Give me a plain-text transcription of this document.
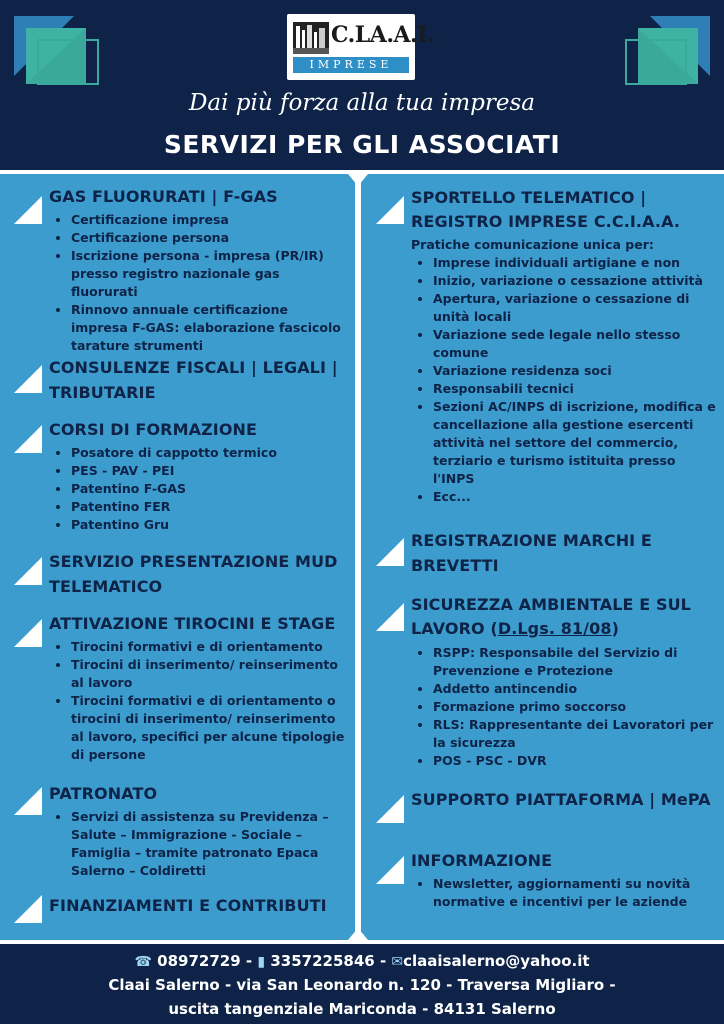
C.LA.A.I.
IMPRESE
Dai più forza alla tua impresa
SERVIZI PER GLI ASSOCIATI
GAS FLUORURATI | F-GAS
• Certificazione impresa
• Certificazione persona
• Iscrizione persona - impresa (PR/IR) presso registro nazionale gas fluorurati
• Rinnovo annuale certificazione impresa F-GAS: elaborazione fascicolo tarature strumenti
CONSULENZE FISCALI | LEGALI | TRIBUTARIE
CORSI DI FORMAZIONE
• Posatore di cappotto termico
• PES - PAV - PEI
• Patentino F-GAS
• Patentino FER
• Patentino Gru
SERVIZIO PRESENTAZIONE MUD TELEMATICO
ATTIVAZIONE TIROCINI E STAGE
• Tirocini formativi e di orientamento
• Tirocini di inserimento/ reinserimento al lavoro
• Tirocini formativi e di orientamento o tirocini di inserimento/ reinserimento al lavoro, specifici per alcune tipologie di persone
PATRONATO
• Servizi di assistenza su Previdenza – Salute – Immigrazione - Sociale – Famiglia – tramite patronato Epaca Salerno – Coldiretti
FINANZIAMENTI E CONTRIBUTI
SPORTELLO TELEMATICO | REGISTRO IMPRESE C.C.I.A.A.
Pratiche comunicazione unica per:
• Imprese individuali artigiane e non
• Inizio, variazione o cessazione attività
• Apertura, variazione o cessazione di unità locali
• Variazione sede legale nello stesso comune
• Variazione residenza soci
• Responsabili tecnici
• Sezioni AC/INPS di iscrizione, modifica e cancellazione alla gestione esercenti attività nel settore del commercio, terziario e turismo istituita presso l'INPS
• Ecc...
REGISTRAZIONE MARCHI E BREVETTI
SICUREZZA AMBIENTALE E SUL LAVORO (D.Lgs. 81/08)
• RSPP: Responsabile del Servizio di Prevenzione e Protezione
• Addetto antincendio
• Formazione primo soccorso
• RLS: Rappresentante dei Lavoratori per la sicurezza
• POS - PSC - DVR
SUPPORTO PIATTAFORMA | MePA
INFORMAZIONE
• Newsletter, aggiornamenti su novità normative e incentivi per le aziende
☎ 08972729 - ▮ 3357225846 - ✉claaisalerno@yahoo.it
Claai Salerno - via San Leonardo n. 120 - Traversa Migliaro -
uscita tangenziale Mariconda - 84131 Salerno
